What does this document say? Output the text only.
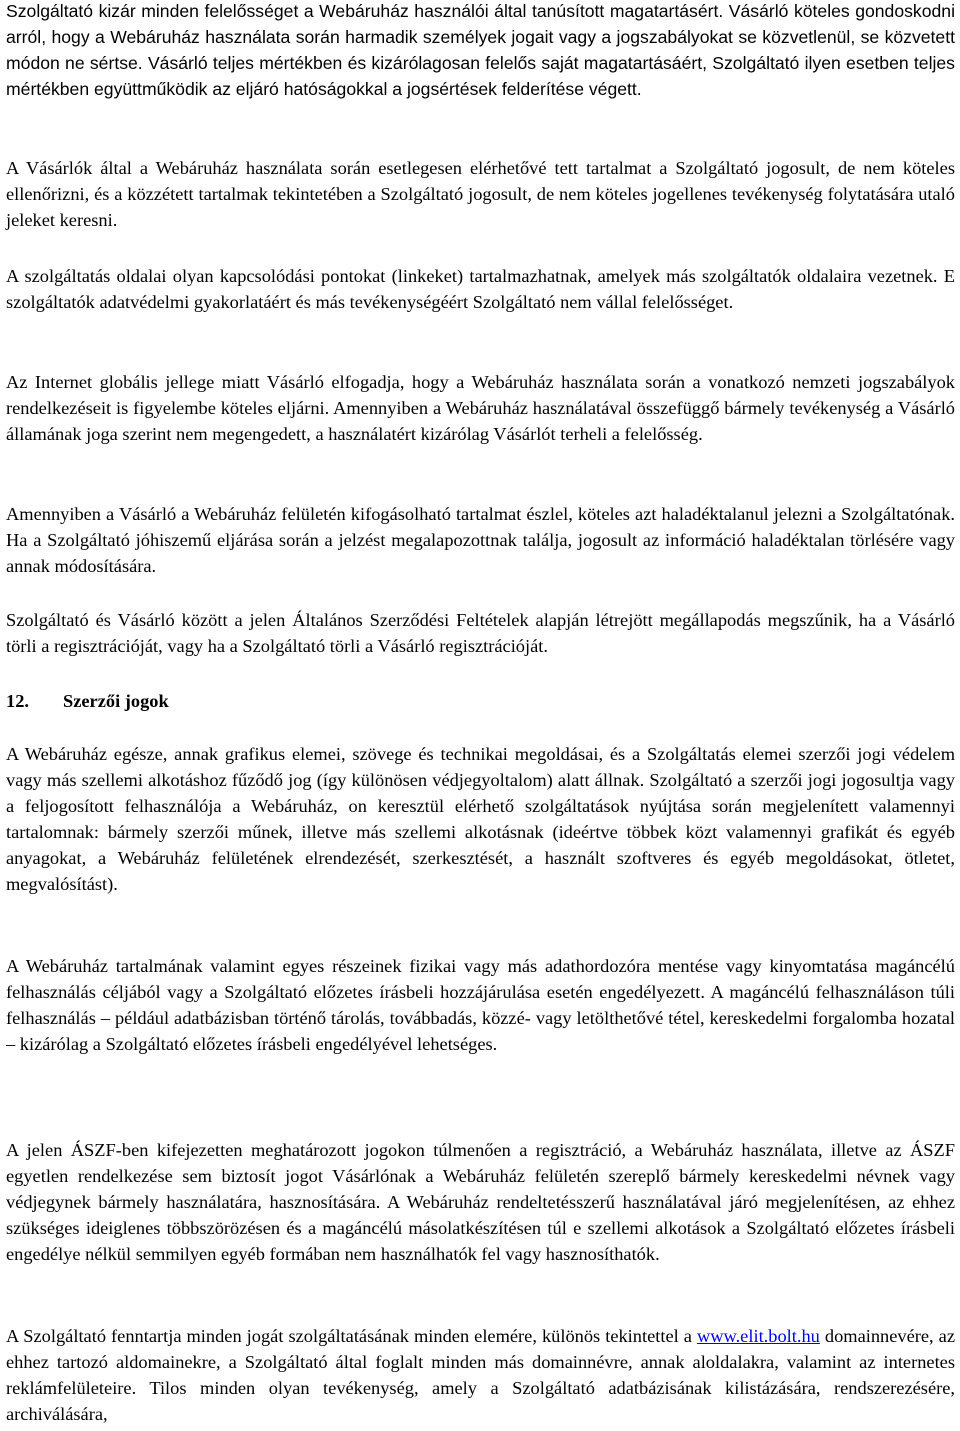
Szolgáltató kizár minden felelősséget a Webáruház használói által tanúsított magatartásért. Vásárló köteles gondoskodni arról, hogy a Webáruház használata során harmadik személyek jogait vagy a jogszabályokat se közvetlenül, se közvetett módon ne sértse. Vásárló teljes mértékben és kizárólagosan felelős saját magatartásáért, Szolgáltató ilyen esetben teljes mértékben együttműködik az eljáró hatóságokkal a jogsértések felderítése végett.

A Vásárlók által a Webáruház használata során esetlegesen elérhetővé tett tartalmat a Szolgáltató jogosult, de nem köteles ellenőrizni, és a közzétett tartalmak tekintetében a Szolgáltató jogosult, de nem köteles jogellenes tevékenység folytatására utaló jeleket keresni.

A szolgáltatás oldalai olyan kapcsolódási pontokat (linkeket) tartalmazhatnak, amelyek más szolgáltatók oldalaira vezetnek. E szolgáltatók adatvédelmi gyakorlatáért és más tevékenységéért Szolgáltató nem vállal felelősséget.

Az Internet globális jellege miatt Vásárló elfogadja, hogy a Webáruház használata során a vonatkozó nemzeti jogszabályok rendelkezéseit is figyelembe köteles eljárni. Amennyiben a Webáruház használatával összefüggő bármely tevékenység a Vásárló államának joga szerint nem megengedett, a használatért kizárólag Vásárlót terheli a felelősség.

Amennyiben a Vásárló a Webáruház felületén kifogásolható tartalmat észlel, köteles azt haladéktalanul jelezni a Szolgáltatónak. Ha a Szolgáltató jóhiszemű eljárása során a jelzést megalapozottnak találja, jogosult az információ haladéktalan törlésére vagy annak módosítására.

Szolgáltató és Vásárló között a jelen Általános Szerződési Feltételek alapján létrejött megállapodás megszűnik, ha a Vásárló törli a regisztrációját, vagy ha a Szolgáltató törli a Vásárló regisztrációját.

12. Szerzői jogok

A Webáruház egésze, annak grafikus elemei, szövege és technikai megoldásai, és a Szolgáltatás elemei szerzői jogi védelem vagy más szellemi alkotáshoz fűződő jog (így különösen védjegyoltalom) alatt állnak. Szolgáltató a szerzői jogi jogosultja vagy a feljogosított felhasználója a Webáruház, on keresztül elérhető szolgáltatások nyújtása során megjelenített valamennyi tartalomnak: bármely szerzői műnek, illetve más szellemi alkotásnak (ideértve többek közt valamennyi grafikát és egyéb anyagokat, a Webáruház felületének elrendezését, szerkesztését, a használt szoftveres és egyéb megoldásokat, ötletet, megvalósítást).

A Webáruház tartalmának valamint egyes részeinek fizikai vagy más adathordozóra mentése vagy kinyomtatása magáncélú felhasználás céljából vagy a Szolgáltató előzetes írásbeli hozzájárulása esetén engedélyezett. A magáncélú felhasználáson túli felhasználás – például adatbázisban történő tárolás, továbbadás, közzé- vagy letölthetővé tétel, kereskedelmi forgalomba hozatal – kizárólag a Szolgáltató előzetes írásbeli engedélyével lehetséges.

A jelen ÁSZF-ben kifejezetten meghatározott jogokon túlmenően a regisztráció, a Webáruház használata, illetve az ÁSZF egyetlen rendelkezése sem biztosít jogot Vásárlónak a Webáruház felületén szereplő bármely kereskedelmi névnek vagy védjegynek bármely használatára, hasznosítására. A Webáruház rendeltetésszerű használatával járó megjelenítésen, az ehhez szükséges ideiglenes többszörözésen és a magáncélú másolatkészítésen túl e szellemi alkotások a Szolgáltató előzetes írásbeli engedélye nélkül semmilyen egyéb formában nem használhatók fel vagy hasznosíthatók.

A Szolgáltató fenntartja minden jogát szolgáltatásának minden elemére, különös tekintettel a www.elit.bolt.hu domainnevére, az ehhez tartozó aldomainekre, a Szolgáltató által foglalt minden más domainnévre, annak aloldalakra, valamint az internetes reklámfelületeire. Tilos minden olyan tevékenység, amely a Szolgáltató adatbázisának kilistázására, rendszerezésére, archiválására,
